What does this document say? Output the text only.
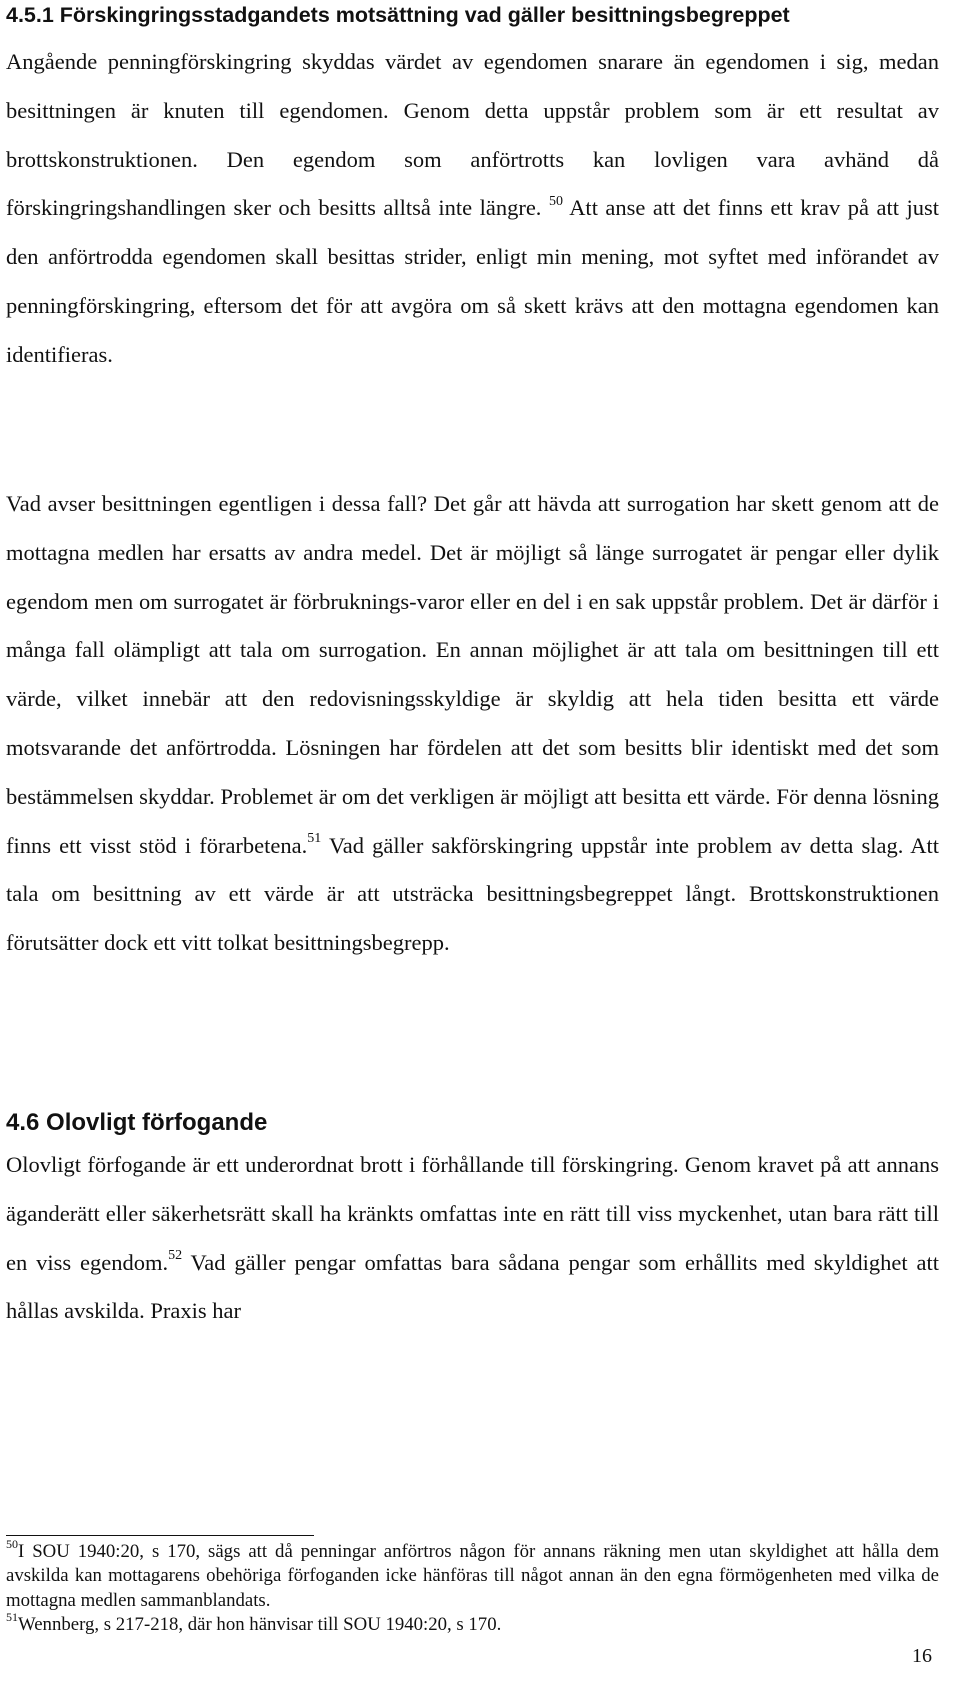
4.5.1 Förskingringsstadgandets motsättning vad gäller besittningsbegreppet

Angående penningförskingring skyddas värdet av egendomen snarare än egendomen i sig, medan besittningen är knuten till egendomen. Genom detta uppstår problem som är ett resultat av brottskonstruktionen. Den egendom som anförtrotts kan lovligen vara avhänd då förskingringshandlingen sker och besitts alltså inte längre. $^{50}$ Att anse att det finns ett krav på att just den anförtrodda egendomen skall besittas strider, enligt min mening, mot syftet med införandet av penningförskingring, eftersom det för att avgöra om så skett krävs att den mottagna egendomen kan identifieras.

Vad avser besittningen egentligen i dessa fall? Det går att hävda att surrogation har skett genom att de mottagna medlen har ersatts av andra medel. Det är möjligt så länge surrogatet är pengar eller dylik egendom men om surrogatet är förbruknings-varor eller en del i en sak uppstår problem. Det är därför i många fall olämpligt att tala om surrogation. En annan möjlighet är att tala om besittningen till ett värde, vilket innebär att den redovisningsskyldige är skyldig att hela tiden besitta ett värde motsvarande det anförtrodda. Lösningen har fördelen att det som besitts blir identiskt med det som bestämmelsen skyddar. Problemet är om det verkligen är möjligt att besitta ett värde. För denna lösning finns ett visst stöd i förarbetena.$^{51}$ Vad gäller sakförskingring uppstår inte problem av detta slag. Att tala om besittning av ett värde är att utsträcka besittningsbegreppet långt. Brottskonstruktionen förutsätter dock ett vitt tolkat besittningsbegrepp.

4.6 Olovligt förfogande

Olovligt förfogande är ett underordnat brott i förhållande till förskingring. Genom kravet på att annans äganderätt eller säkerhetsrätt skall ha kränkts omfattas inte en rätt till viss myckenhet, utan bara rätt till en viss egendom.$^{52}$ Vad gäller pengar omfattas bara sådana pengar som erhållits med skyldighet att hållas avskilda. Praxis har

$^{50}$I SOU 1940:20, s 170, sägs att då penningar anförtros någon för annans räkning men utan skyldighet att hålla dem avskilda kan mottagarens obehöriga förfoganden icke hänföras till något annan än den egna förmögenheten med vilka de mottagna medlen sammanblandats.

$^{51}$Wennberg, s 217-218, där hon hänvisar till SOU 1940:20, s 170.

16
